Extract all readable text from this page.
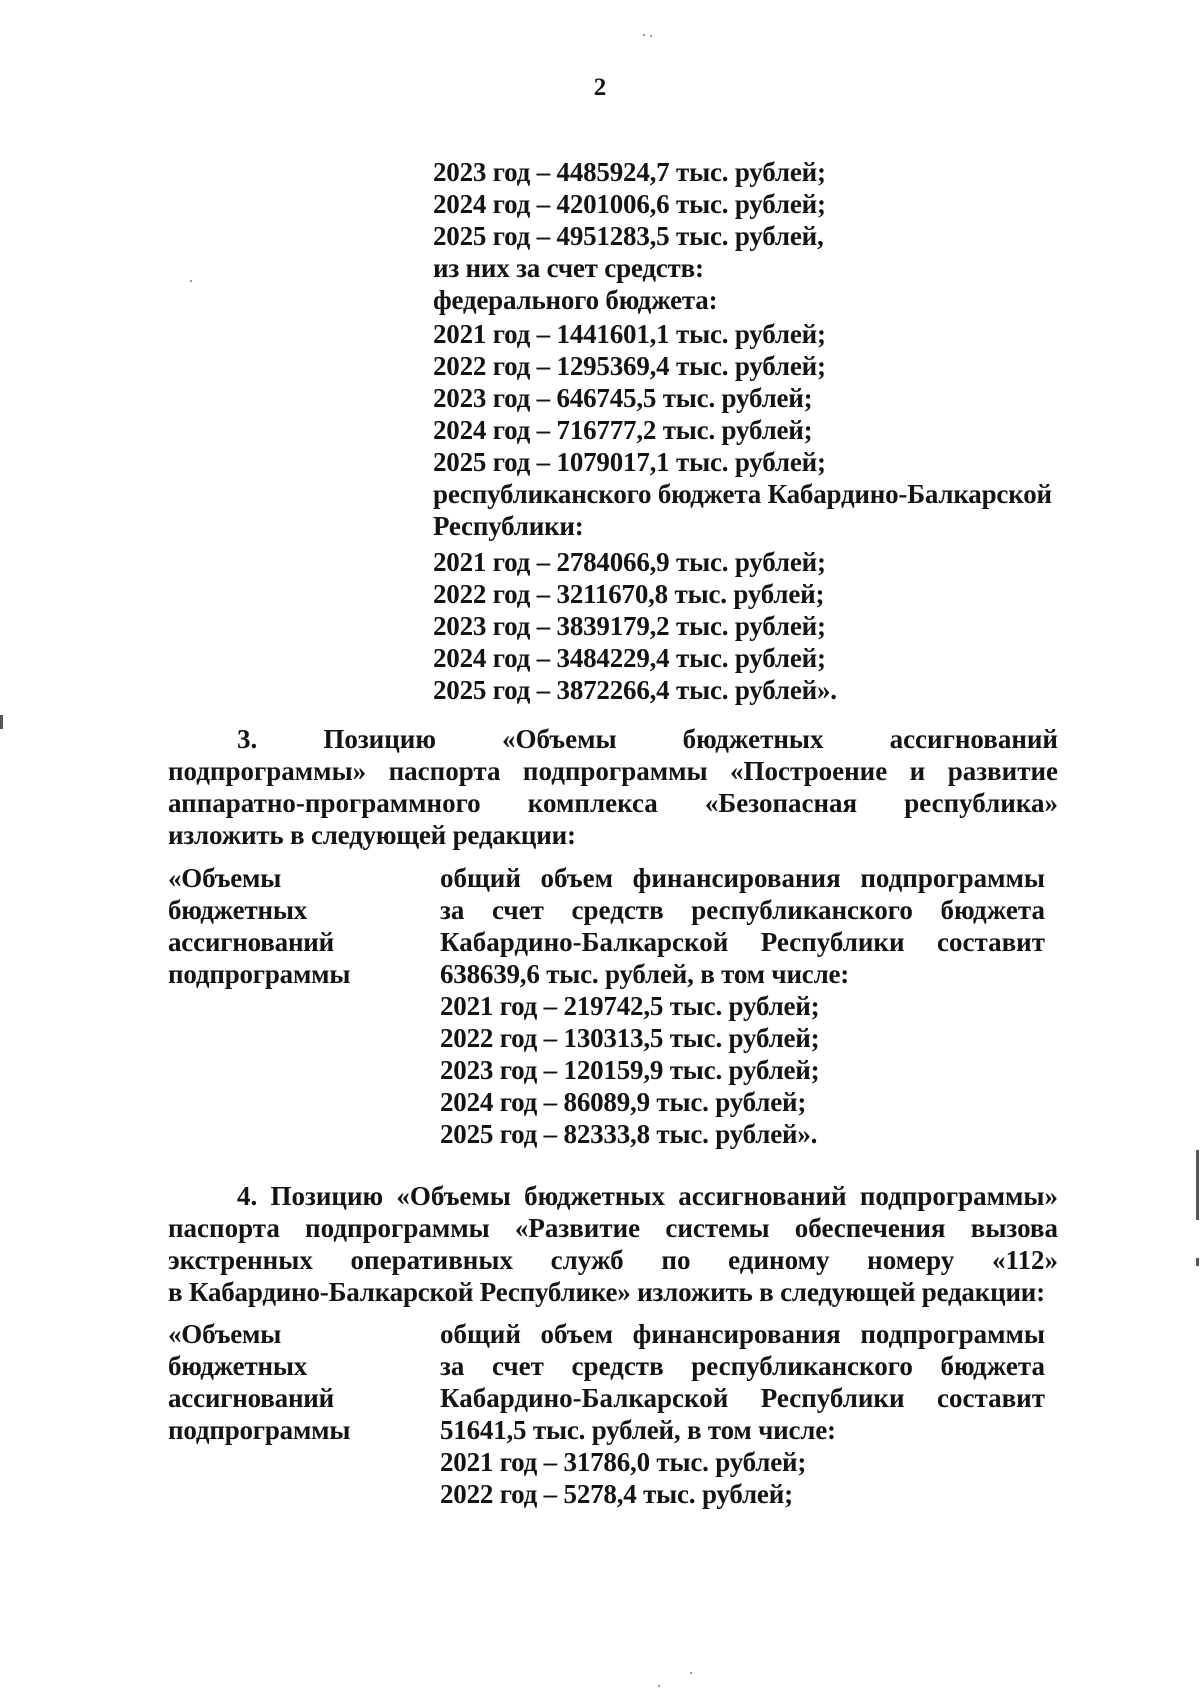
2
2023 год – 4485924,7 тыс. рублей;
2024 год – 4201006,6 тыс. рублей;
2025 год – 4951283,5 тыс. рублей,
из них за счет средств:
федерального бюджета:
2021 год – 1441601,1 тыс. рублей;
2022 год – 1295369,4 тыс. рублей;
2023 год – 646745,5 тыс. рублей;
2024 год – 716777,2 тыс. рублей;
2025 год – 1079017,1 тыс. рублей;
республиканского бюджета Кабардино-Балкарской
Республики:
2021 год – 2784066,9 тыс. рублей;
2022 год – 3211670,8 тыс. рублей;
2023 год – 3839179,2 тыс. рублей;
2024 год – 3484229,4 тыс. рублей;
2025 год – 3872266,4 тыс. рублей».
3. Позицию «Объемы бюджетных ассигнований
подпрограммы» паспорта подпрограммы «Построение и развитие
аппаратно-программного комплекса «Безопасная республика»
изложить в следующей редакции:
«Объемы
бюджетных
ассигнований
подпрограммы
общий объем финансирования подпрограммы
за счет средств республиканского бюджета
Кабардино-Балкарской Республики составит
638639,6 тыс. рублей, в том числе:
2021 год – 219742,5 тыс. рублей;
2022 год – 130313,5 тыс. рублей;
2023 год – 120159,9 тыс. рублей;
2024 год – 86089,9 тыс. рублей;
2025 год – 82333,8 тыс. рублей».
4. Позицию «Объемы бюджетных ассигнований подпрограммы»
паспорта подпрограммы «Развитие системы обеспечения вызова
экстренных оперативных служб по единому номеру «112»
в Кабардино-Балкарской Республике» изложить в следующей редакции:
«Объемы
бюджетных
ассигнований
подпрограммы
общий объем финансирования подпрограммы
за счет средств республиканского бюджета
Кабардино-Балкарской Республики составит
51641,5 тыс. рублей, в том числе:
2021 год – 31786,0 тыс. рублей;
2022 год – 5278,4 тыс. рублей;
